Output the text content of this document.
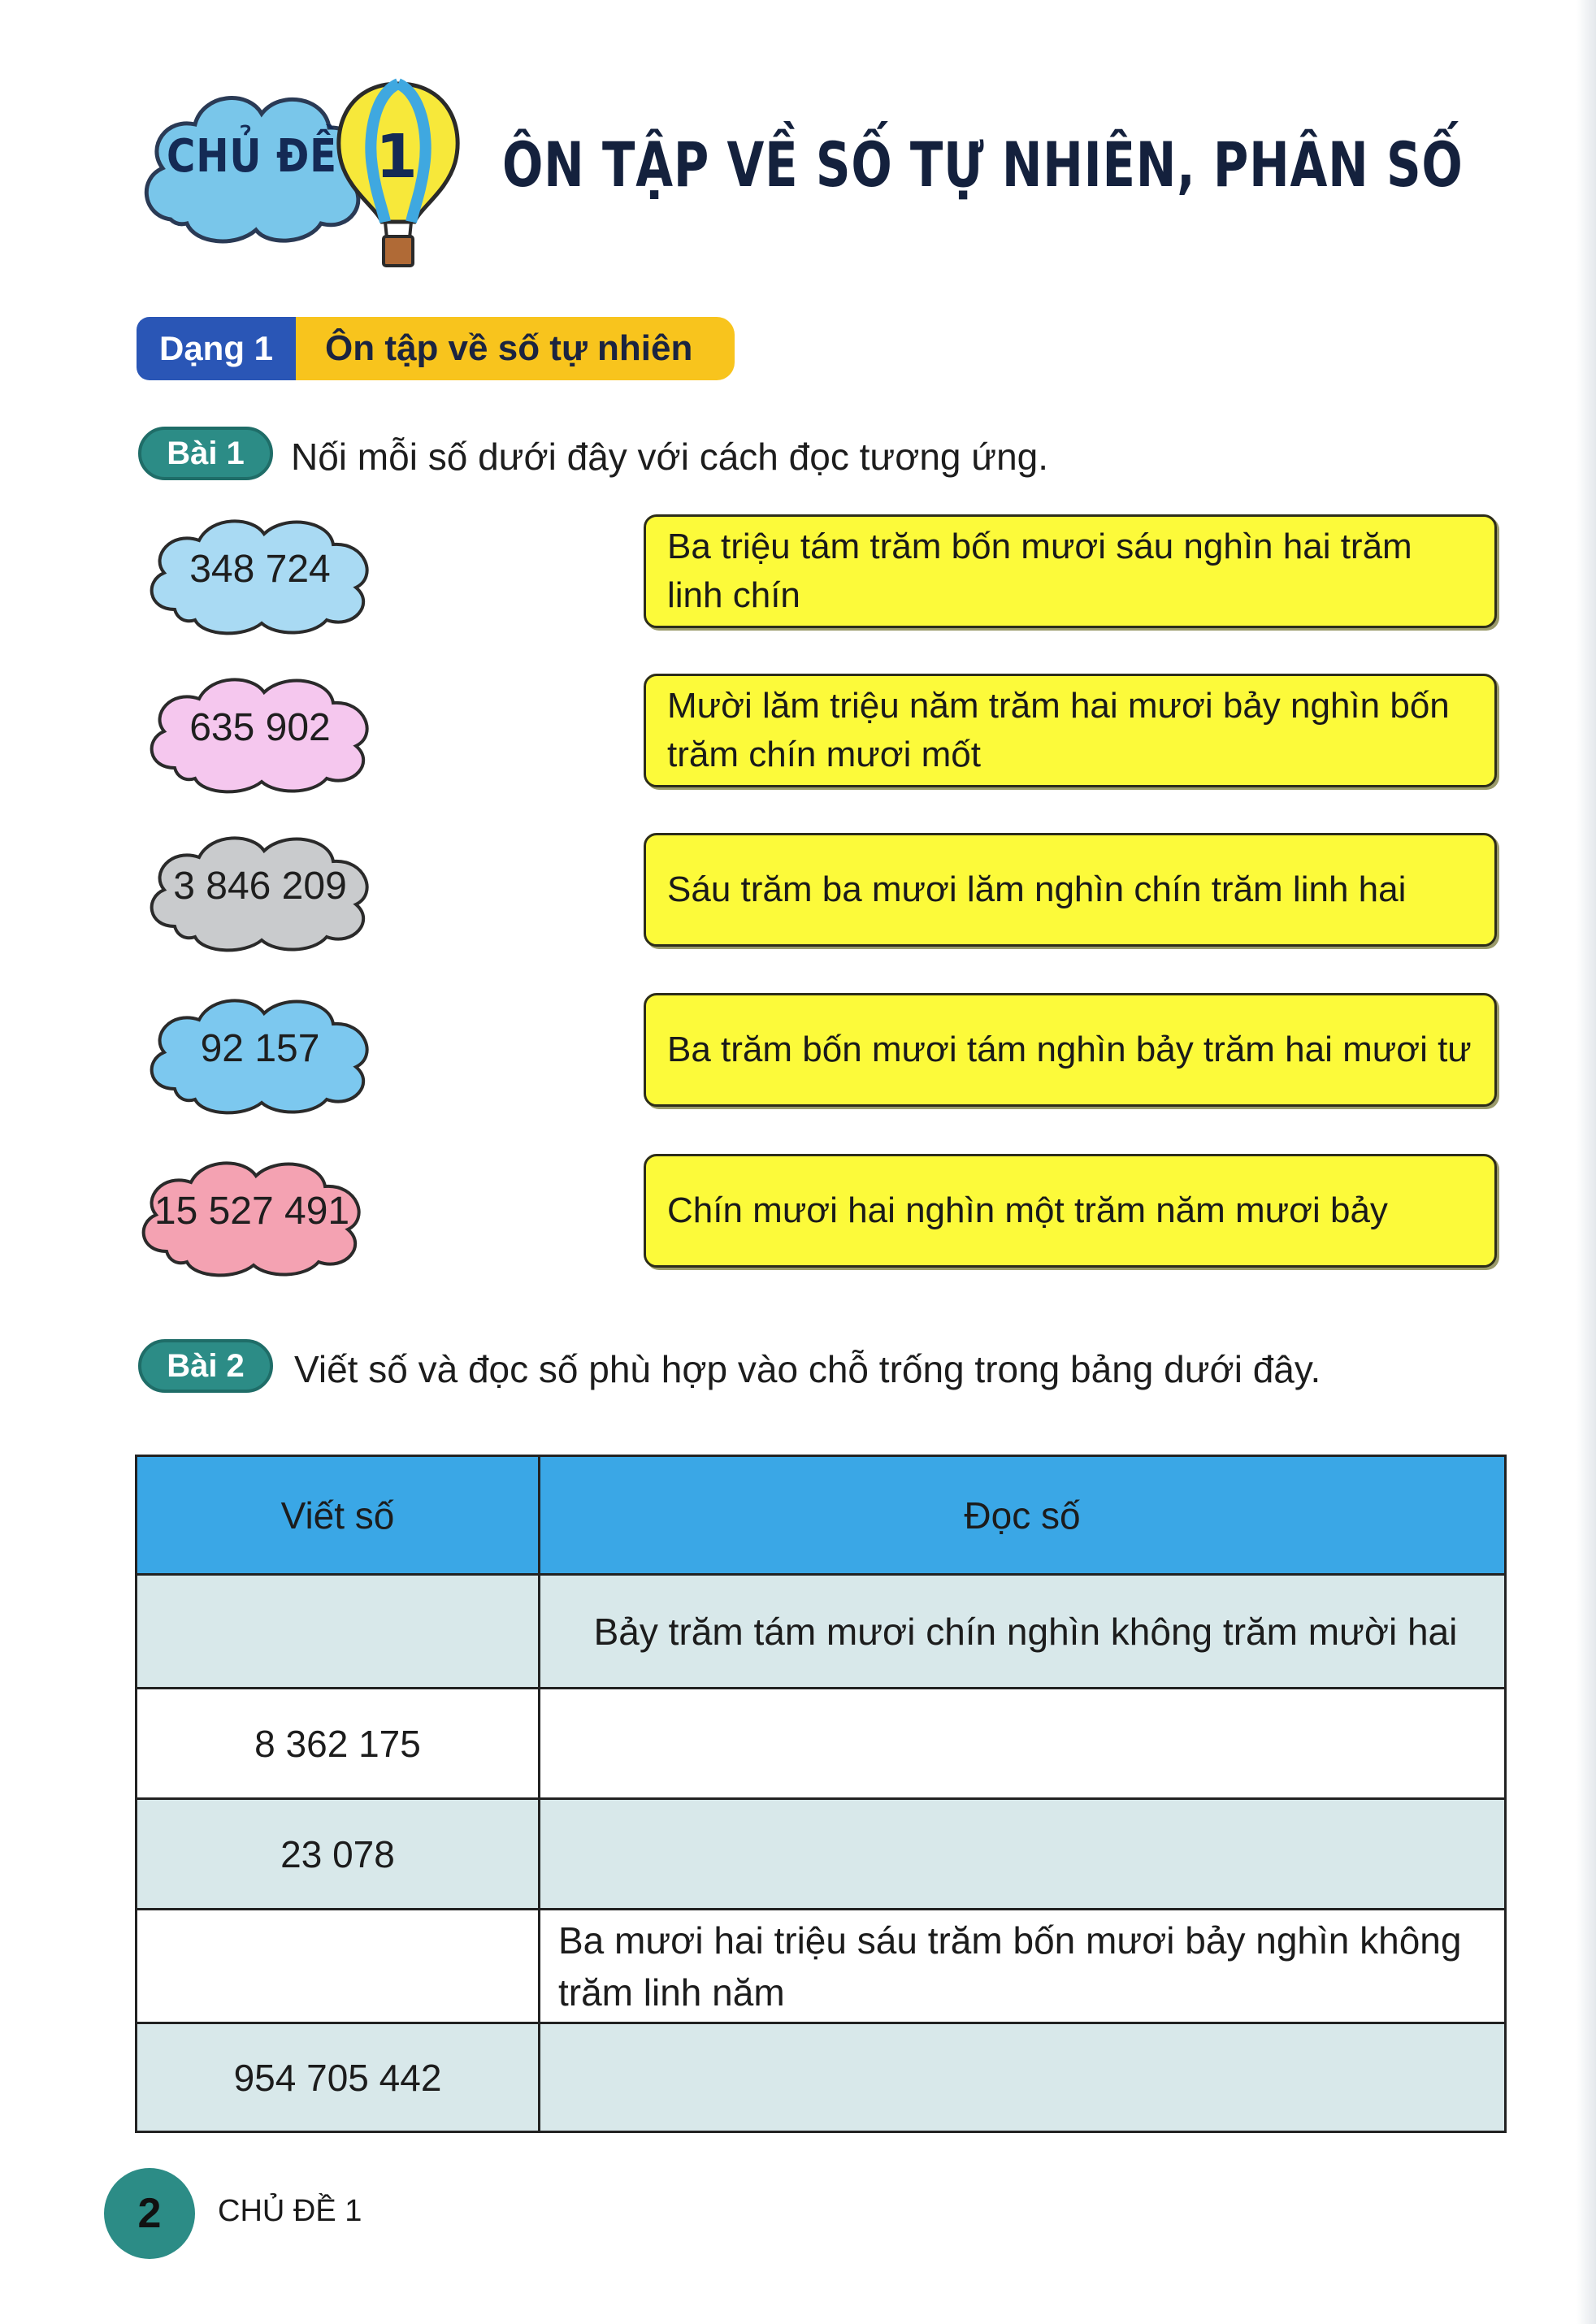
CHỦ ĐỀ 1 ÔN TẬP VỀ SỐ TỰ NHIÊN, PHÂN SỐ
Dạng 1	Ôn tập về số tự nhiên
Bài 1	Nối mỗi số dưới đây với cách đọc tương ứng.
348 724
635 902
3 846 209
92 157
15 527 491
Ba triệu tám trăm bốn mươi sáu nghìn hai trăm linh chín
Mười lăm triệu năm trăm hai mươi bảy nghìn bốn trăm chín mươi mốt
Sáu trăm ba mươi lăm nghìn chín trăm linh hai
Ba trăm bốn mươi tám nghìn bảy trăm hai mươi tư
Chín mươi hai nghìn một trăm năm mươi bảy
Bài 2	Viết số và đọc số phù hợp vào chỗ trống trong bảng dưới đây.
Viết số	Đọc số
	Bảy trăm tám mươi chín nghìn không trăm mười hai
8 362 175	
23 078	
	Ba mươi hai triệu sáu trăm bốn mươi bảy nghìn không trăm linh năm
954 705 442	
2	CHỦ ĐỀ 1
